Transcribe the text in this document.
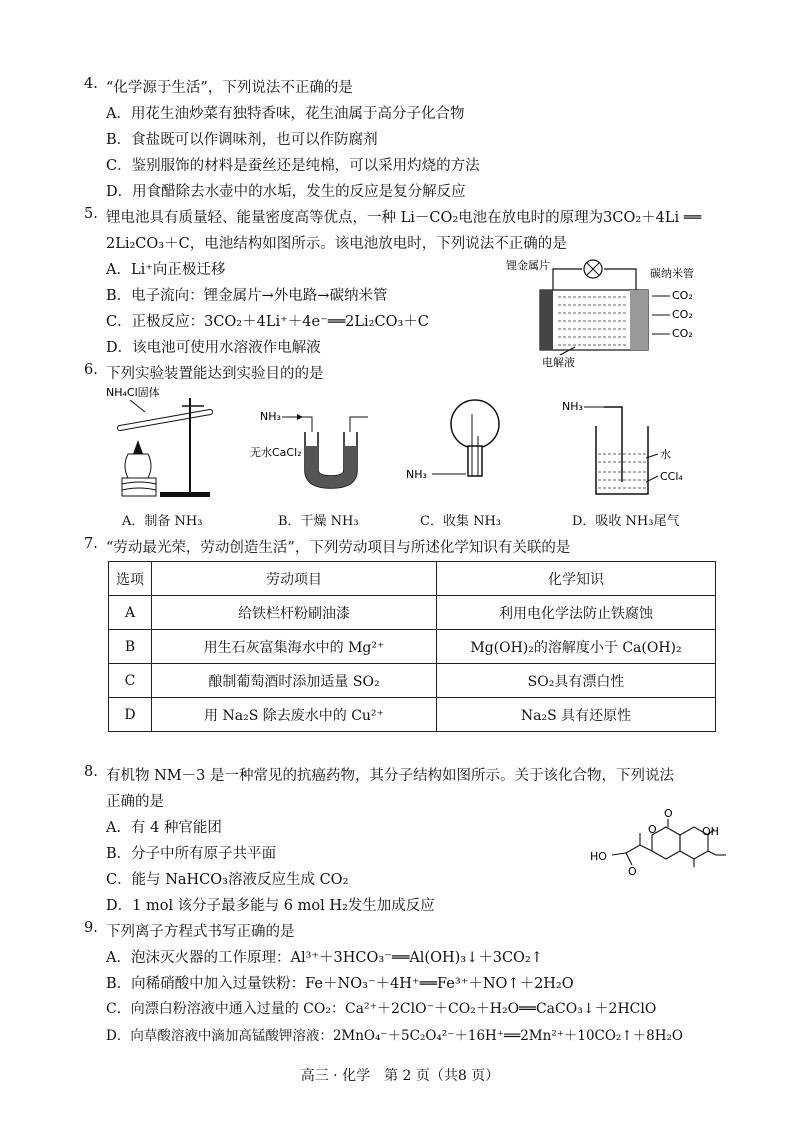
4. “化学源于生活”，下列说法不正确的是
A．用花生油炒菜有独特香味，花生油属于高分子化合物
B．食盐既可以作调味剂，也可以作防腐剂
C．鉴别服饰的材料是蚕丝还是纯棉，可以采用灼烧的方法
D．用食醋除去水壶中的水垢，发生的反应是复分解反应
5. 锂电池具有质量轻、能量密度高等优点，一种 Li－CO₂电池在放电时的原理为3CO₂＋4Li ══
2Li₂CO₃＋C，电池结构如图所示。该电池放电时，下列说法不正确的是
A．Li⁺向正极迁移
B．电子流向：锂金属片→外电路→碳纳米管
C．正极反应：3CO₂＋4Li⁺＋4e⁻══2Li₂CO₃＋C
D．该电池可使用水溶液作电解液
锂金属片
碳纳米管
CO₂
CO₂
CO₂
电解液
6. 下列实验装置能达到实验目的的是
NH₄Cl固体
NH₃
无水CaCl₂
NH₃
NH₃
水
CCl₄
A．制备 NH₃	B．干燥 NH₃	C．收集 NH₃	D．吸收 NH₃尾气
7. “劳动最光荣，劳动创造生活”，下列劳动项目与所述化学知识有关联的是
选项	劳动项目	化学知识
A	给铁栏杆粉刷油漆	利用电化学法防止铁腐蚀
B	用生石灰富集海水中的 Mg²⁺	Mg(OH)₂的溶解度小于 Ca(OH)₂
C	酿制葡萄酒时添加适量 SO₂	SO₂具有漂白性
D	用 Na₂S 除去废水中的 Cu²⁺	Na₂S 具有还原性
8. 有机物 NM－3 是一种常见的抗癌药物，其分子结构如图所示。关于该化合物，下列说法
正确的是
A．有 4 种官能团
B．分子中所有原子共平面
C．能与 NaHCO₃溶液反应生成 CO₂
D．1 mol 该分子最多能与 6 mol H₂发生加成反应
O
O	OH
HO
O
9. 下列离子方程式书写正确的是
A．泡沫灭火器的工作原理：Al³⁺＋3HCO₃⁻══Al(OH)₃↓＋3CO₂↑
B．向稀硝酸中加入过量铁粉：Fe＋NO₃⁻＋4H⁺══Fe³⁺＋NO↑＋2H₂O
C．向漂白粉溶液中通入过量的 CO₂：Ca²⁺＋2ClO⁻＋CO₂＋H₂O══CaCO₃↓＋2HClO
D．向草酸溶液中滴加高锰酸钾溶液：2MnO₄⁻＋5C₂O₄²⁻＋16H⁺══2Mn²⁺＋10CO₂↑＋8H₂O
高三 · 化学　第 2 页（共8 页）
